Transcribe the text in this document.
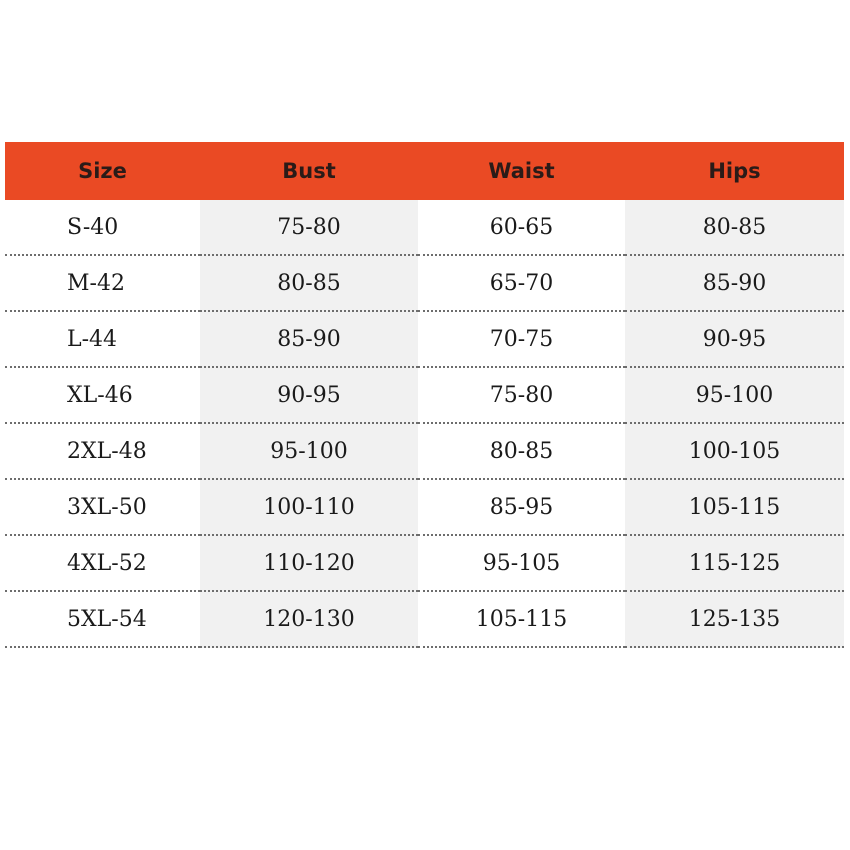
Size	Bust	Waist	Hips
S-40	75-80	60-65	80-85
M-42	80-85	65-70	85-90
L-44	85-90	70-75	90-95
XL-46	90-95	75-80	95-100
2XL-48	95-100	80-85	100-105
3XL-50	100-110	85-95	105-115
4XL-52	110-120	95-105	115-125
5XL-54	120-130	105-115	125-135
